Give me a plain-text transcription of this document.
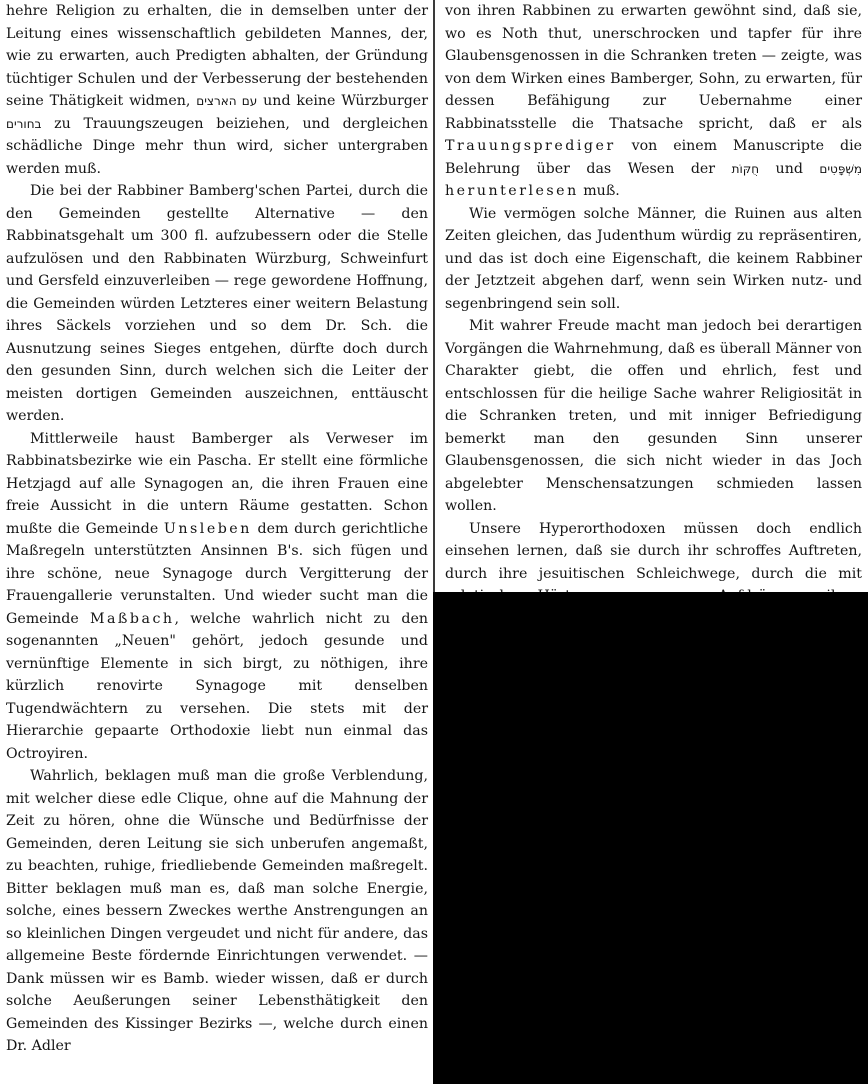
hehre Religion zu erhalten, die in demselben unter der Leitung eines wissenschaftlich gebildeten Mannes, der, wie zu erwarten, auch Predigten abhalten, der Gründung tüchtiger Schulen und der Verbesserung der bestehenden seine Thätigkeit widmen, עם הארצים und keine Würzburger בחורים zu Trauungszeugen beiziehen, und dergleichen schädliche Dinge mehr thun wird, sicher untergraben werden muß.

Die bei der Rabbiner Bamberg'schen Partei, durch die den Gemeinden gestellte Alternative — den Rabbinatsgehalt um 300 fl. aufzubessern oder die Stelle aufzulösen und den Rabbinaten Würzburg, Schweinfurt und Gersfeld einzuverleiben — rege gewordene Hoffnung, die Gemeinden würden Letzteres einer weitern Belastung ihres Säckels vorziehen und so dem Dr. Sch. die Ausnutzung seines Sieges entgehen, dürfte doch durch den gesunden Sinn, durch welchen sich die Leiter der meisten dortigen Gemeinden auszeichnen, enttäuscht werden.

Mittlerweile haust Bamberger als Verweser im Rabbinatsbezirke wie ein Pascha. Er stellt eine förmliche Hetzjagd auf alle Synagogen an, die ihren Frauen eine freie Aussicht in die untern Räume gestatten. Schon mußte die Gemeinde Unsleben dem durch gerichtliche Maßregeln unterstützten Ansinnen B's. sich fügen und ihre schöne, neue Synagoge durch Vergitterung der Frauengallerie verunstalten. Und wieder sucht man die Gemeinde Maßbach, welche wahrlich nicht zu den sogenannten „Neuen" gehört, jedoch gesunde und vernünftige Elemente in sich birgt, zu nöthigen, ihre kürzlich renovirte Synagoge mit denselben Tugendwächtern zu versehen. Die stets mit der Hierarchie gepaarte Orthodoxie liebt nun einmal das Octroyiren.

Wahrlich, beklagen muß man die große Verblendung, mit welcher diese edle Clique, ohne auf die Mahnung der Zeit zu hören, ohne die Wünsche und Bedürfnisse der Gemeinden, deren Leitung sie sich unberufen angemaßt, zu beachten, ruhige, friedliebende Gemeinden maßregelt. Bitter beklagen muß man es, daß man solche Energie, solche, eines bessern Zweckes werthe Anstrengungen an so kleinlichen Dingen vergeudet und nicht für andere, das allgemeine Beste fördernde Einrichtungen verwendet. — Dank müssen wir es Bamb. wieder wissen, daß er durch solche Aeußerungen seiner Lebensthätigkeit den Gemeinden des Kissinger Bezirks —, welche durch einen Dr. Adler

von ihren Rabbinen zu erwarten gewöhnt sind, daß sie, wo es Noth thut, unerschrocken und tapfer für ihre Glaubensgenossen in die Schranken treten — zeigte, was von dem Wirken eines Bamberger, Sohn, zu erwarten, für dessen Befähigung zur Uebernahme einer Rabbinatsstelle die Thatsache spricht, daß er als Trauungsprediger von einem Manuscripte die Belehrung über das Wesen der חֻקּוֹת und מִשְׁפָּטִים herunterlesen muß.

Wie vermögen solche Männer, die Ruinen aus alten Zeiten gleichen, das Judenthum würdig zu repräsentiren, und das ist doch eine Eigenschaft, die keinem Rabbiner der Jetztzeit abgehen darf, wenn sein Wirken nutz- und segenbringend sein soll.

Mit wahrer Freude macht man jedoch bei derartigen Vorgängen die Wahrnehmung, daß es überall Männer von Charakter giebt, die offen und ehrlich, fest und entschlossen für die heilige Sache wahrer Religiosität in die Schranken treten, und mit inniger Befriedigung bemerkt man den gesunden Sinn unserer Glaubensgenossen, die sich nicht wieder in das Joch abgelebter Menschensatzungen schmieden lassen wollen.

Unsere Hyperorthodoxen müssen doch endlich einsehen lernen, daß sie durch ihr schroffes Auftreten, durch ihre jesuitischen Schleichwege, durch die mit
